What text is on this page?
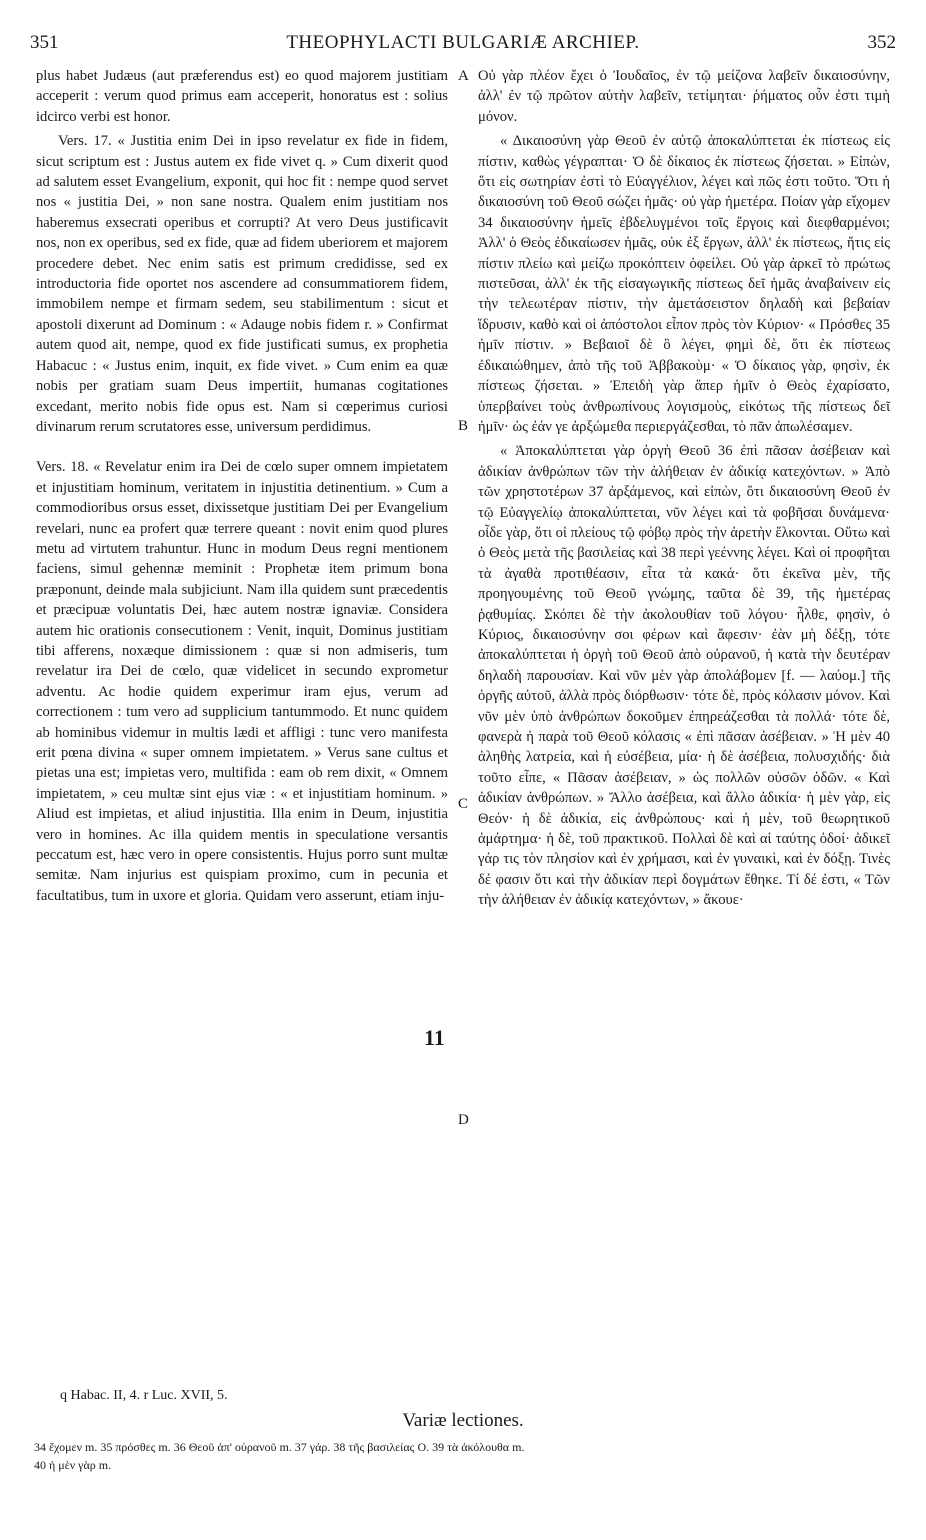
351	THEOPHYLACTI BULGARIÆ ARCHIEP.	352

plus habet Judæus (aut præferendus est) eo quod majorem justitiam acceperit : verum quod primus eam acceperit, honoratus est : solius idcirco verbi est honor.

Vers. 17. « Justitia enim Dei in ipso revelatur ex fide in fidem, sicut scriptum est : Justus autem ex fide vivet q. » Cum dixerit quod ad salutem esset Evangelium, exponit, qui hoc fit : nempe quod servet nos « justitia Dei, » non sane nostra. Qualem enim justitiam nos haberemus exsecrati operibus et corrupti? At vero Deus justificavit nos, non ex operibus, sed ex fide, quæ ad fidem uberiorem et majorem procedere debet. Nec enim satis est primum credidisse, sed ex introductoria fide oportet nos ascendere ad consummatiorem fidem, immobilem nempe et firmam sedem, seu stabilimentum : sicut et apostoli dixerunt ad Dominum : « Adauge nobis fidem r. » Confirmat autem quod ait, nempe, quod ex fide justificati sumus, ex prophetia Habacuc : « Justus enim, inquit, ex fide vivet. » Cum enim ea quæ nobis per gratiam suam Deus impertiit, humanas cogitationes excedant, merito nobis fide opus est. Nam si cœperimus curiosi divinarum rerum scrutatores esse, universum perdidimus.

Vers. 18. « Revelatur enim ira Dei de cœlo super omnem impietatem et injustitiam hominum, veritatem in injustitia detinentium. » Cum a commodioribus orsus esset, dixissetque justitiam Dei per Evangelium revelari, nunc ea profert quæ terrere queant : novit enim quod plures metu ad virtutem trahuntur. Hunc in modum Deus regni mentionem faciens, simul gehennæ meminit : Prophetæ item primum bona præponunt, deinde mala subjiciunt. Nam illa quidem sunt præcedentis et præcipuæ voluntatis Dei, hæc autem nostræ ignaviæ. Considera autem hic orationis consecutionem : Venit, inquit, Dominus justitiam tibi afferens, noxæque dimissionem : quæ si non admiseris, tum revelatur ira Dei de cœlo, quæ videlicet in secundo exprometur adventu. Ac hodie quidem experimur iram ejus, verum ad correctionem : tum vero ad supplicium tantummodo. Et nunc quidem ab hominibus videmur in multis lædi et affligi : tunc vero manifesta erit pœna divina « super omnem impietatem. » Verus sane cultus et pietas una est; impietas vero, multifida : eam ob rem dixit, « Omnem impietatem, » ceu multæ sint ejus viæ : « et injustitiam hominum. » Aliud est impietas, et aliud injustitia. Illa enim in Deum, injustitia vero in homines. Ac illa quidem mentis in speculatione versantis peccatum est, hæc vero in opere consistentis. Hujus porro sunt multæ semitæ. Nam injurius est quispiam proximo, cum in pecunia et facultatibus, tum in uxore et gloria. Quidam vero asserunt, etiam inju-

Οὐ γὰρ πλέον ἔχει ὁ Ἰουδαῖος, ἐν τῷ μείζονα λαβεῖν δικαιοσύνην, ἀλλ' ἐν τῷ πρῶτον αὐτὴν λαβεῖν, τετίμηται· ῥήματος οὖν ἐστι τιμὴ μόνον.

« Δικαιοσύνη γὰρ Θεοῦ ἐν αὐτῷ ἀποκαλύπτεται ἐκ πίστεως εἰς πίστιν, καθὼς γέγραπται· Ὁ δὲ δίκαιος ἐκ πίστεως ζήσεται. » Εἰπὼν, ὅτι εἰς σωτηρίαν ἐστὶ τὸ Εὐαγγέλιον, λέγει καὶ πῶς ἐστι τοῦτο. Ὅτι ἡ δικαιοσύνη τοῦ Θεοῦ σώζει ἡμᾶς· οὐ γὰρ ἡμετέρα. Ποίαν γὰρ εἴχομεν 34 δικαιοσύνην ἡμεῖς ἐβδελυγμένοι τοῖς ἔργοις καὶ διεφθαρμένοι; Ἀλλ' ὁ Θεὸς ἐδικαίωσεν ἡμᾶς, οὐκ ἐξ ἔργων, ἀλλ' ἐκ πίστεως, ἥτις εἰς πίστιν πλείω καὶ μείζω προκόπτειν ὀφείλει. Οὐ γὰρ ἀρκεῖ τὸ πρώτως πιστεῦσαι, ἀλλ' ἐκ τῆς εἰσαγωγικῆς πίστεως δεῖ ἡμᾶς ἀναβαίνειν εἰς τὴν τελεωτέραν πίστιν, τὴν ἀμετάσειστον δηλαδὴ καὶ βεβαίαν ἵδρυσιν, καθὸ καὶ οἱ ἀπόστολοι εἶπον πρὸς τὸν Κύριον· « Πρόσθες 35 ἡμῖν πίστιν. » Βεβαιοῖ δὲ ὃ λέγει, φημὶ δὲ, ὅτι ἐκ πίστεως ἐδικαιώθημεν, ἀπὸ τῆς τοῦ Ἀββακοὺμ· « Ὁ δίκαιος γὰρ, φησὶν, ἐκ πίστεως ζήσεται. » Ἐπειδὴ γὰρ ἅπερ ἡμῖν ὁ Θεὸς ἐχαρίσατο, ὑπερβαίνει τοὺς ἀνθρωπίνους λογισμοὺς, εἰκότως τῆς πίστεως δεῖ ἡμῖν· ὡς ἐάν γε ἀρξώμεθα περιεργάζεσθαι, τὸ πᾶν ἀπωλέσαμεν.

« Ἀποκαλύπτεται γὰρ ὀργὴ Θεοῦ 36 ἐπὶ πᾶσαν ἀσέβειαν καὶ ἀδικίαν ἀνθρώπων τῶν τὴν ἀλήθειαν ἐν ἀδικίᾳ κατεχόντων. » Ἀπὸ τῶν χρηστοτέρων 37 ἀρξάμενος, καὶ εἰπὼν, ὅτι δικαιοσύνη Θεοῦ ἐν τῷ Εὐαγγελίῳ ἀποκαλύπτεται, νῦν λέγει καὶ τὰ φοβῆσαι δυνάμενα· οἶδε γὰρ, ὅτι οἱ πλείους τῷ φόβῳ πρὸς τὴν ἀρετὴν ἕλκονται. Οὕτω καὶ ὁ Θεὸς μετὰ τῆς βασιλείας καὶ 38 περὶ γεέννης λέγει. Καὶ οἱ προφῆται τὰ ἀγαθὰ προτιθέασιν, εἶτα τὰ κακά· ὅτι ἐκεῖνα μὲν, τῆς προηγουμένης τοῦ Θεοῦ γνώμης, ταῦτα δὲ 39, τῆς ἡμετέρας ῥᾳθυμίας. Σκόπει δὲ τὴν ἀκολουθίαν τοῦ λόγου· ἦλθε, φησὶν, ὁ Κύριος, δικαιοσύνην σοι φέρων καὶ ἄφεσιν· ἐὰν μὴ δέξῃ, τότε ἀποκαλύπτεται ἡ ὀργὴ τοῦ Θεοῦ ἀπὸ οὐρανοῦ, ἡ κατὰ τὴν δευτέραν δηλαδὴ παρουσίαν. Καὶ νῦν μὲν γὰρ ἀπολάβομεν [f. — λαύομ.] τῆς ὀργῆς αὐτοῦ, ἀλλὰ πρὸς διόρθωσιν· τότε δὲ, πρὸς κόλασιν μόνον. Καὶ νῦν μὲν ὑπὸ ἀνθρώπων δοκοῦμεν ἐπηρεάζεσθαι τὰ πολλά· τότε δὲ, φανερὰ ἡ παρὰ τοῦ Θεοῦ κόλασις « ἐπὶ πᾶσαν ἀσέβειαν. » Ἡ μὲν 40 ἀληθὴς λατρεία, καὶ ἡ εὐσέβεια, μία· ἡ δὲ ἀσέβεια, πολυσχιδής· διὰ τοῦτο εἶπε, « Πᾶσαν ἀσέβειαν, » ὡς πολλῶν οὐσῶν ὁδῶν. « Καὶ ἀδικίαν ἀνθρώπων. » Ἄλλο ἀσέβεια, καὶ ἄλλο ἀδικία· ἡ μὲν γὰρ, εἰς Θεόν· ἡ δὲ ἀδικία, εἰς ἀνθρώπους· καὶ ἡ μὲν, τοῦ θεωρητικοῦ ἁμάρτημα· ἡ δὲ, τοῦ πρακτικοῦ. Πολλαὶ δὲ καὶ αἱ ταύτης ὁδοί· ἀδικεῖ γάρ τις τὸν πλησίον καὶ ἐν χρήμασι, καὶ ἐν γυναικὶ, καὶ ἐν δόξῃ. Τινὲς δέ φασιν ὅτι καὶ τὴν ἀδικίαν περὶ δογμάτων ἔθηκε. Τί δέ ἐστι, « Τῶν τὴν ἀλήθειαν ἐν ἀδικίᾳ κατεχόντων, » ἄκουε·

A
B
C
D
11
q Habac. II, 4. r Luc. XVII, 5.
Variæ lectiones.
34 ἔχομεν m. 35 πρόσθες m. 36 Θεοῦ ἀπ' οὐρανοῦ m. 37 γάρ. 38 τῆς βασιλείας O. 39 τὰ ἀκόλουθα m.
40 ἡ μὲν γὰρ m.
